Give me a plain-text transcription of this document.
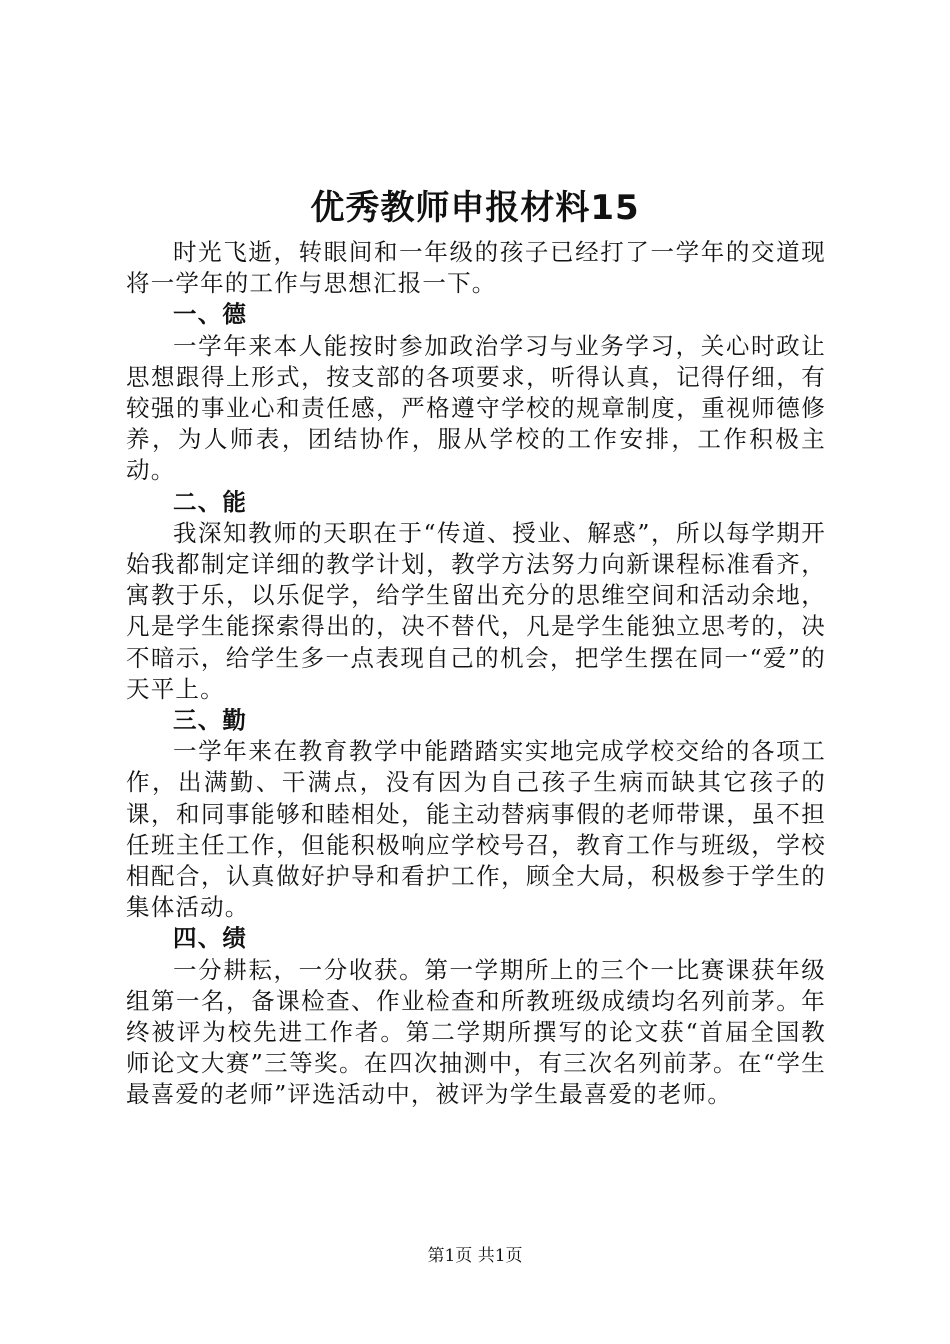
优秀教师申报材料15

时光飞逝，转眼间和一年级的孩子已经打了一学年的交道现将一学年的工作与思想汇报一下。

一、德

一学年来本人能按时参加政治学习与业务学习，关心时政让思想跟得上形式，按支部的各项要求，听得认真，记得仔细，有较强的事业心和责任感，严格遵守学校的规章制度，重视师德修养，为人师表，团结协作，服从学校的工作安排，工作积极主动。

二、能

我深知教师的天职在于“传道、授业、解惑”，所以每学期开始我都制定详细的教学计划，教学方法努力向新课程标准看齐，寓教于乐，以乐促学，给学生留出充分的思维空间和活动余地，凡是学生能探索得出的，决不替代，凡是学生能独立思考的，决不暗示，给学生多一点表现自己的机会，把学生摆在同一“爱”的天平上。

三、勤

一学年来在教育教学中能踏踏实实地完成学校交给的各项工作，出满勤、干满点，没有因为自己孩子生病而缺其它孩子的课，和同事能够和睦相处，能主动替病事假的老师带课，虽不担任班主任工作，但能积极响应学校号召，教育工作与班级，学校相配合，认真做好护导和看护工作，顾全大局，积极参于学生的集体活动。

四、绩

一分耕耘，一分收获。第一学期所上的三个一比赛课获年级组第一名，备课检查、作业检查和所教班级成绩均名列前茅。年终被评为校先进工作者。第二学期所撰写的论文获“首届全国教师论文大赛”三等奖。在四次抽测中，有三次名列前茅。在“学生最喜爱的老师”评选活动中，被评为学生最喜爱的老师。

第1页 共1页
